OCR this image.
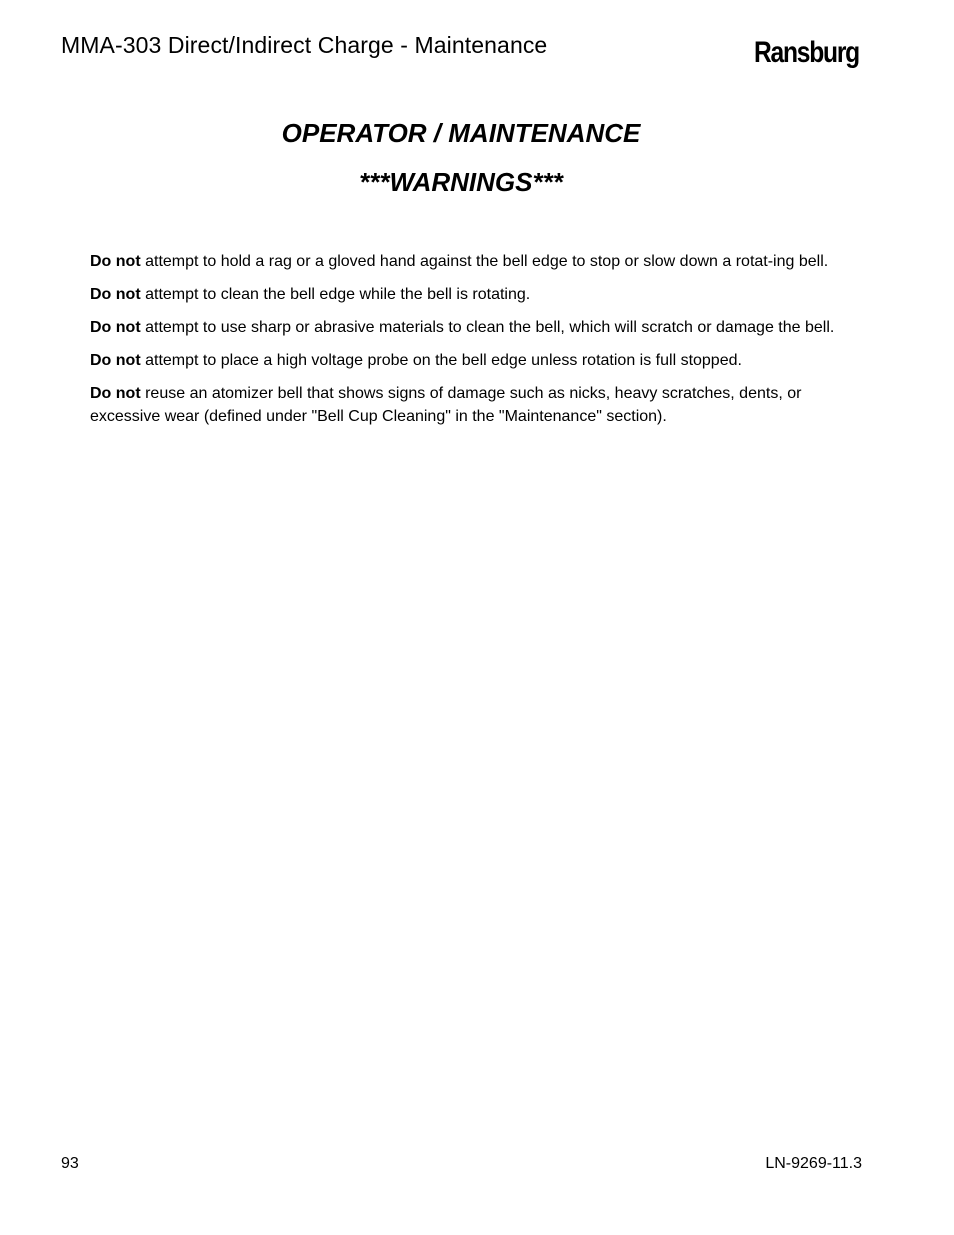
MMA-303 Direct/Indirect Charge - Maintenance	Ransburg
OPERATOR / MAINTENANCE
***WARNINGS***

Do not attempt to hold a rag or a gloved hand against the bell edge to stop or slow down a rotat-ing bell.

Do not attempt to clean the bell edge while the bell is rotating.

Do not attempt to use sharp or abrasive materials to clean the bell, which will scratch or damage the bell.

Do not attempt to place a high voltage probe on the bell edge unless rotation is full stopped.

Do not reuse an atomizer bell that shows signs of damage such as nicks, heavy scratches, dents, or excessive wear (defined under "Bell Cup Cleaning" in the "Maintenance" section).

93	LN-9269-11.3
